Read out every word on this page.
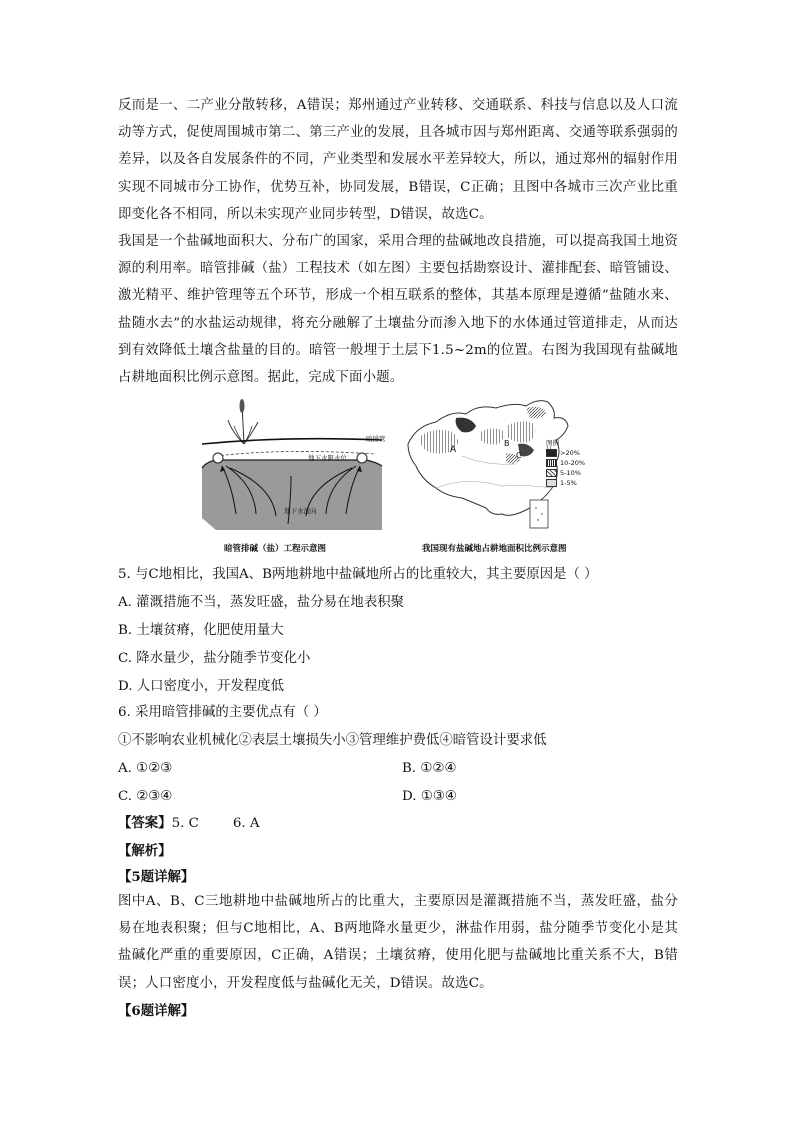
反而是一、二产业分散转移，A错误；郑州通过产业转移、交通联系、科技与信息以及人口流动等方式，促使周围城市第二、第三产业的发展，且各城市因与郑州距离、交通等联系强弱的差异，以及各自发展条件的不同，产业类型和发展水平差异较大，所以，通过郑州的辐射作用实现不同城市分工协作，优势互补，协同发展，B错误，C正确；且图中各城市三次产业比重即变化各不相同，所以未实现产业同步转型，D错误，故选C。

我国是一个盐碱地面积大、分布广的国家，采用合理的盐碱地改良措施，可以提高我国土地资源的利用率。暗管排碱（盐）工程技术（如左图）主要包括勘察设计、灌排配套、暗管铺设、激光精平、维护管理等五个环节，形成一个相互联系的整体，其基本原理是遵循“盐随水来、盐随水去”的水盐运动规律，将充分融解了土壤盐分而渗入地下的水体通过管道排走，从而达到有效降低土壤含盐量的目的。暗管一般埋于土层下1.5~2m的位置。右图为我国现有盐碱地占耕地面积比例示意图。据此，完成下面小题。

地下水限水位
暗排管
地下水流向
暗管排碱（盐）工程示意图
A
B
C
图例
>20%
10-20%
5-10%
1-5%
我国现有盐碱地占耕地面积比例示意图

5. 与C地相比，我国A、B两地耕地中盐碱地所占的比重较大，其主要原因是（ ）

A. 灌溉措施不当，蒸发旺盛，盐分易在地表积聚

B. 土壤贫瘠，化肥使用量大

C. 降水量少，盐分随季节变化小

D. 人口密度小，开发程度低

6. 采用暗管排碱的主要优点有（ ）

①不影响农业机械化②表层土壤损失小③管理维护费低④暗管设计要求低

A. ①②③	B. ①②④

C. ②③④	D. ①③④

【答案】5. C        6. A

【解析】

【5题详解】

图中A、B、C三地耕地中盐碱地所占的比重大，主要原因是灌溉措施不当，蒸发旺盛，盐分易在地表积聚；但与C地相比，A、B两地降水量更少，淋盐作用弱，盐分随季节变化小是其盐碱化严重的重要原因，C正确，A错误；土壤贫瘠，使用化肥与盐碱地比重关系不大，B错误；人口密度小，开发程度低与盐碱化无关，D错误。故选C。

【6题详解】
